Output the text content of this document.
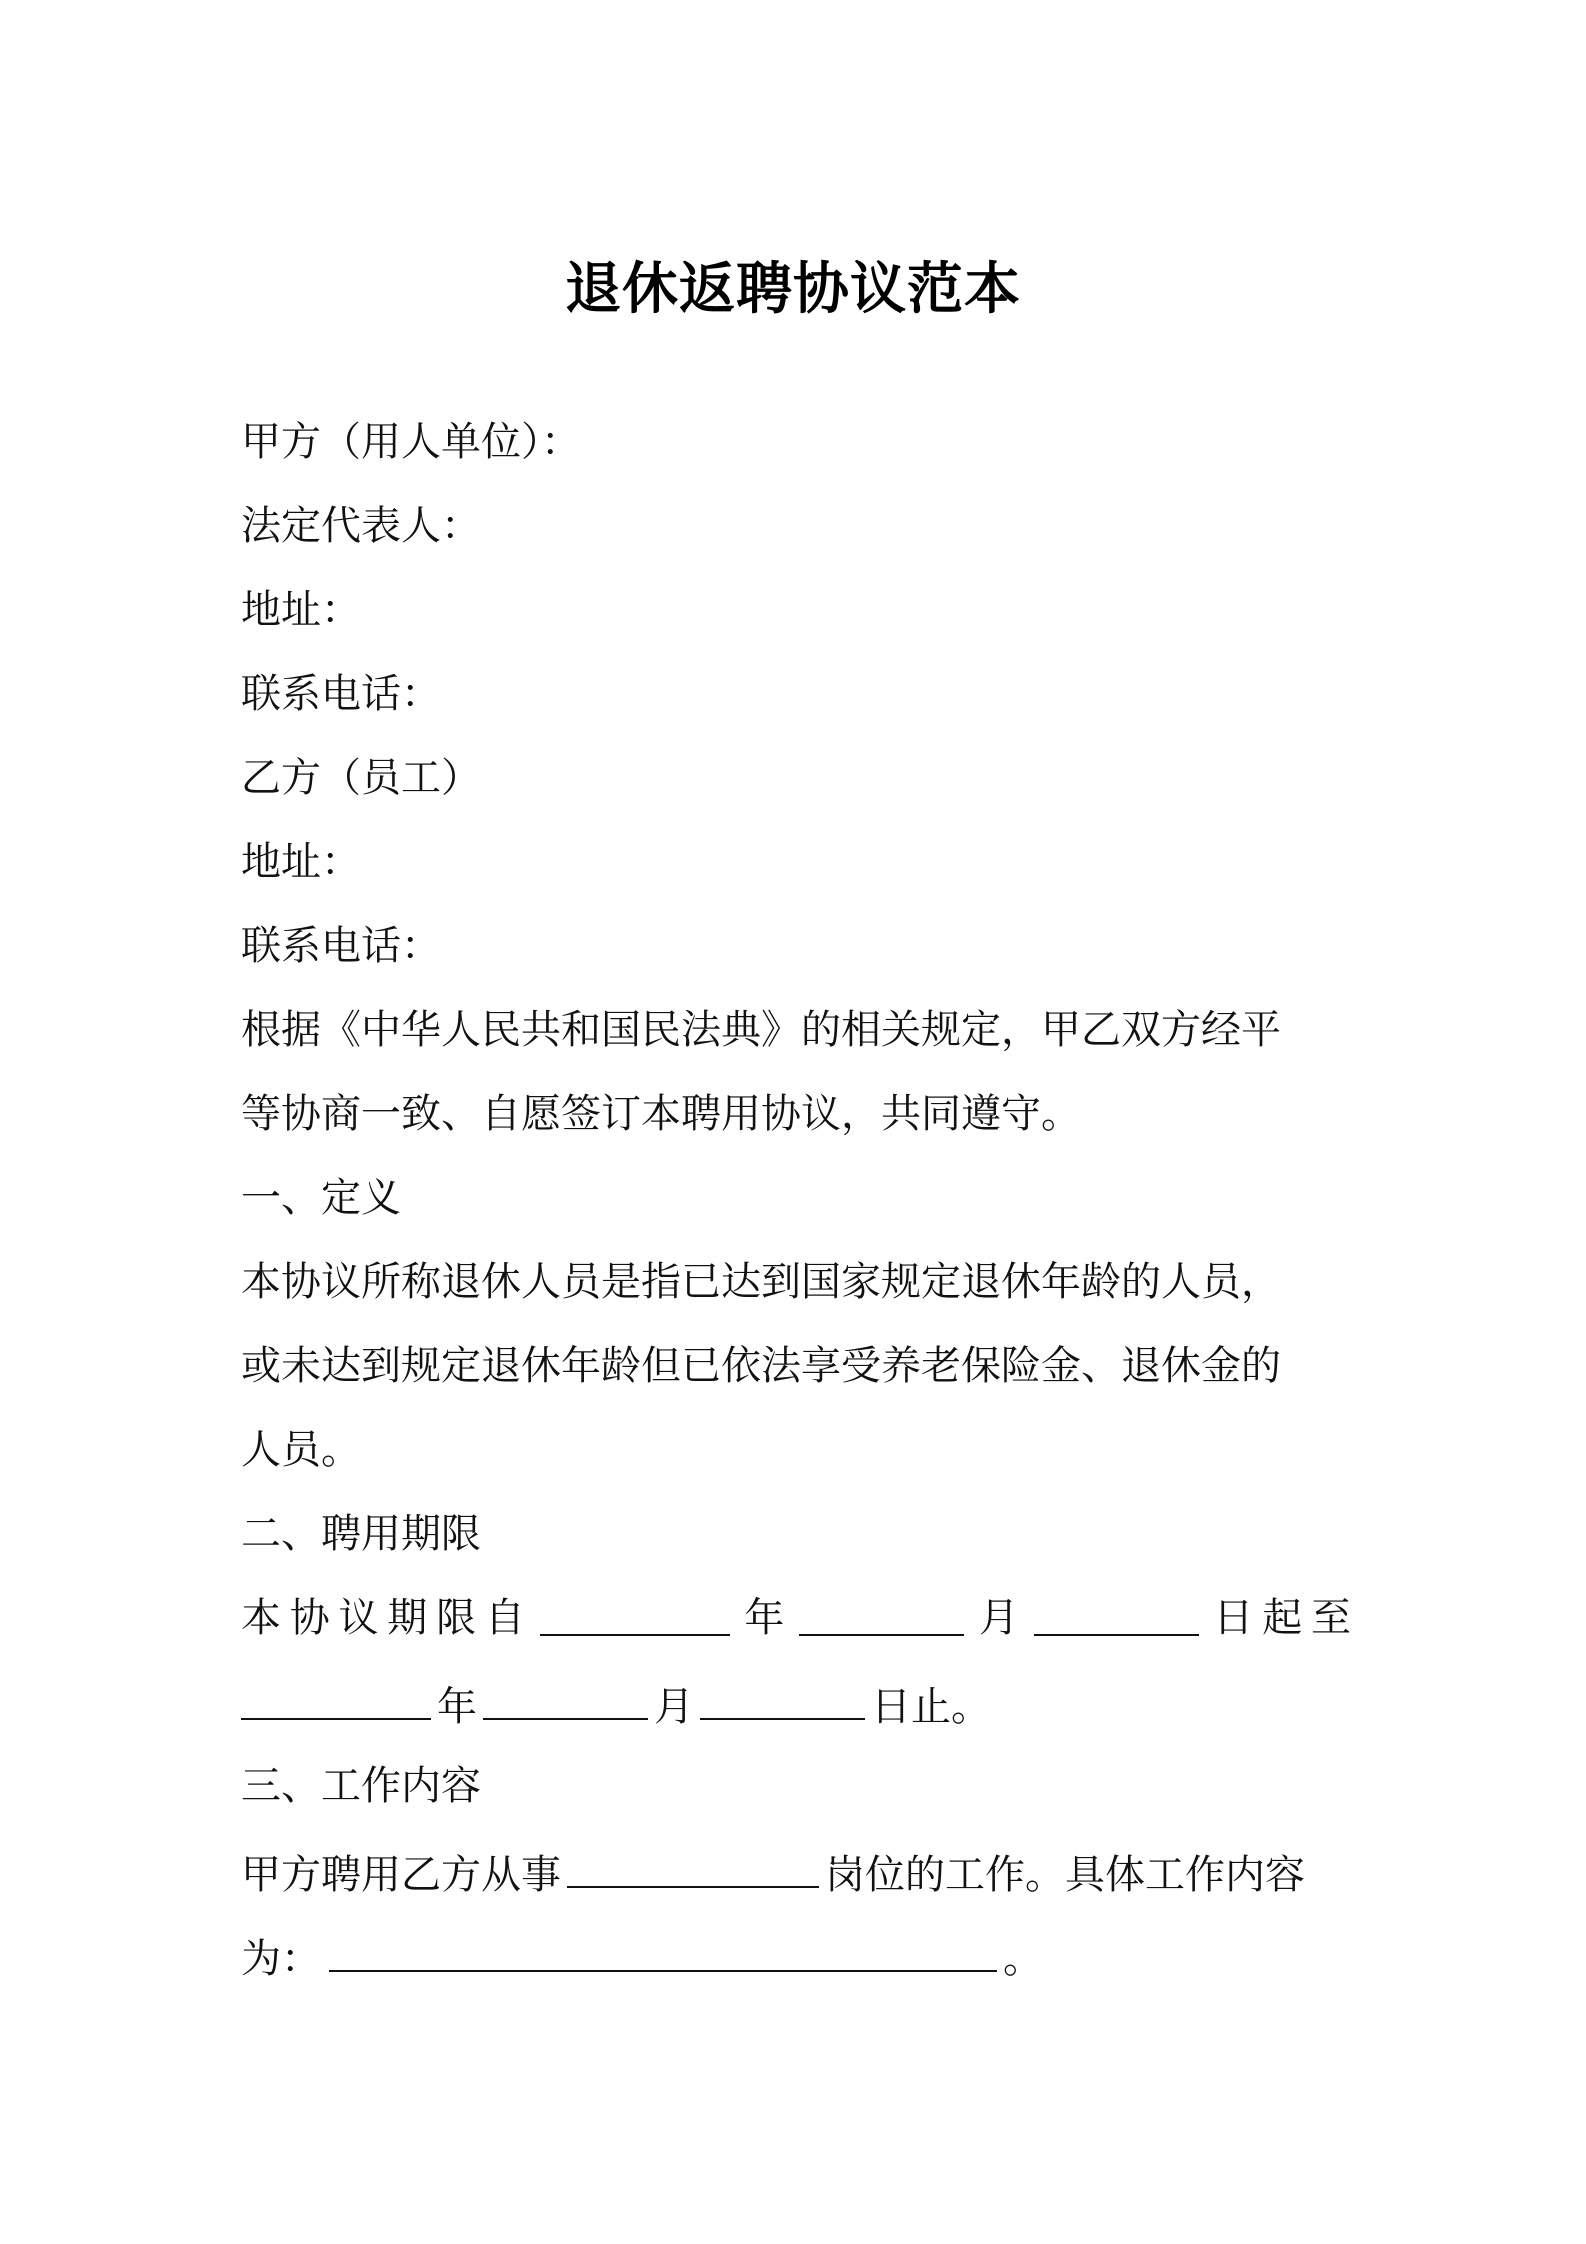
退休返聘协议范本
甲方（用人单位）：
法定代表人：
地址：
联系电话：
乙方（员工）
地址：
联系电话：
根据《中华人民共和国民法典》的相关规定，甲乙双方经平
等协商一致、自愿签订本聘用协议，共同遵守。
一、定义
本协议所称退休人员是指已达到国家规定退休年龄的人员，
或未达到规定退休年龄但已依法享受养老保险金、退休金的
人员。
二、聘用期限
本 协 议 期 限 自	年	月	日 起 至
年	月	日止。
三、工作内容
甲方聘用乙方从事	岗位的工作。具体工作内容
为：	。
